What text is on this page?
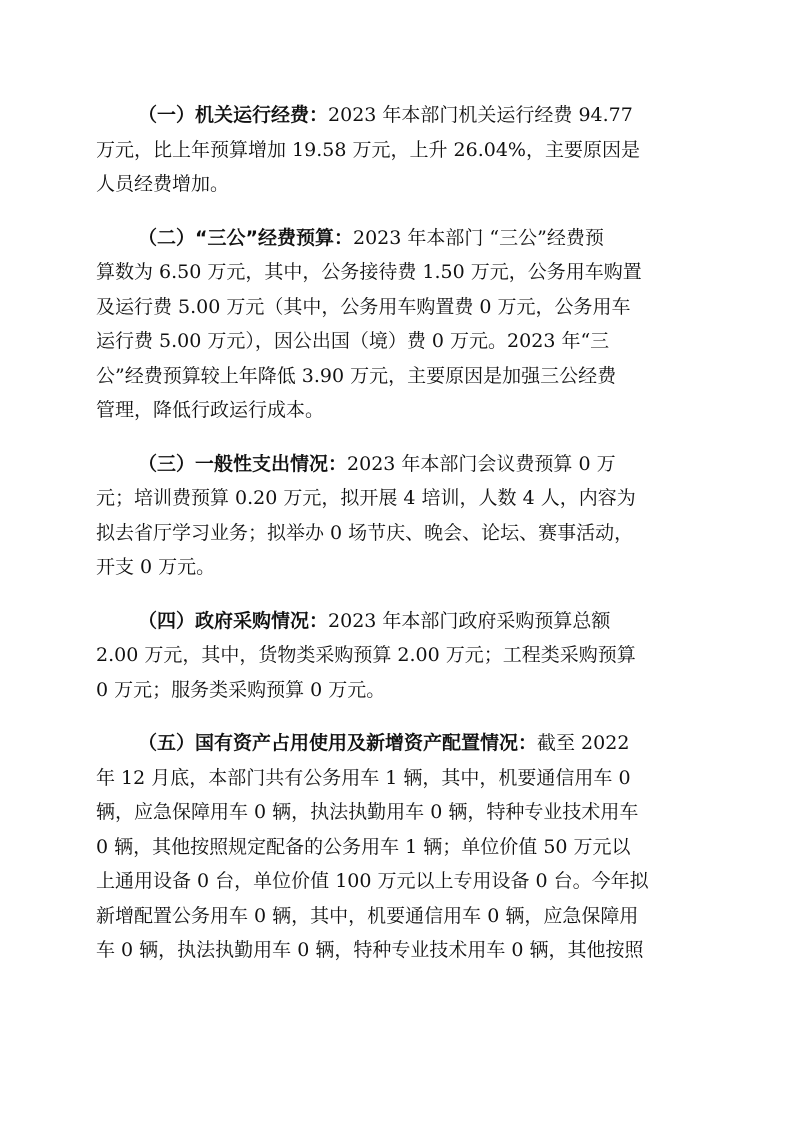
（一）机关运行经费：2023 年本部门机关运行经费 94.77
万元，比上年预算增加 19.58 万元，上升 26.04%，主要原因是
人员经费增加。
（二）“三公”经费预算：2023 年本部门 “三公”经费预
算数为 6.50 万元，其中，公务接待费 1.50 万元，公务用车购置
及运行费 5.00 万元（其中，公务用车购置费 0 万元，公务用车
运行费 5.00 万元），因公出国（境）费 0 万元。2023 年“三
公”经费预算较上年降低 3.90 万元，主要原因是加强三公经费
管理，降低行政运行成本。
（三）一般性支出情况：2023 年本部门会议费预算 0 万
元；培训费预算 0.20 万元，拟开展 4 培训，人数 4 人，内容为
拟去省厅学习业务；拟举办 0 场节庆、晚会、论坛、赛事活动，
开支 0 万元。
（四）政府采购情况：2023 年本部门政府采购预算总额
2.00 万元，其中，货物类采购预算 2.00 万元；工程类采购预算
0 万元；服务类采购预算 0 万元。
（五）国有资产占用使用及新增资产配置情况：截至 2022
年 12 月底，本部门共有公务用车 1 辆，其中，机要通信用车 0
辆，应急保障用车 0 辆，执法执勤用车 0 辆，特种专业技术用车
0 辆，其他按照规定配备的公务用车 1 辆；单位价值 50 万元以
上通用设备 0 台，单位价值 100 万元以上专用设备 0 台。今年拟
新增配置公务用车 0 辆，其中，机要通信用车 0 辆，应急保障用
车 0 辆，执法执勤用车 0 辆，特种专业技术用车 0 辆，其他按照
